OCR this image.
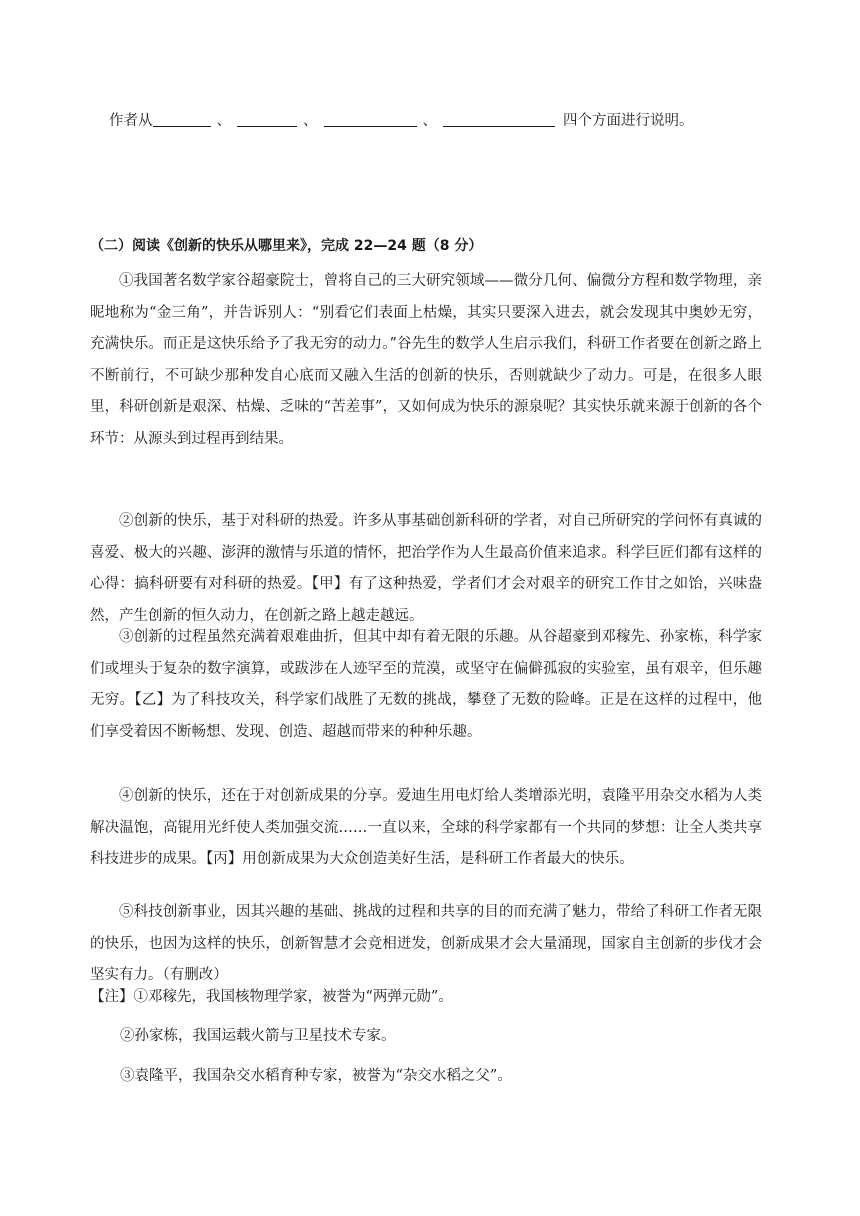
作者从	、	、	、	四个方面进行说明。
（二）阅读《创新的快乐从哪里来》，完成 22—24 题（8 分）

①我国著名数学家谷超豪院士，曾将自己的三大研究领域——微分几何、偏微分方程和数学物理，亲昵地称为“金三角”，并告诉别人：“别看它们表面上枯燥，其实只要深入进去，就会发现其中奥妙无穷，充满快乐。而正是这快乐给予了我无穷的动力。”谷先生的数学人生启示我们，科研工作者要在创新之路上不断前行，不可缺少那种发自心底而又融入生活的创新的快乐，否则就缺少了动力。可是，在很多人眼里，科研创新是艰深、枯燥、乏味的“苦差事”，又如何成为快乐的源泉呢？其实快乐就来源于创新的各个环节：从源头到过程再到结果。

②创新的快乐，基于对科研的热爱。许多从事基础创新科研的学者，对自己所研究的学问怀有真诚的喜爱、极大的兴趣、澎湃的激情与乐道的情怀，把治学作为人生最高价值来追求。科学巨匠们都有这样的心得：搞科研要有对科研的热爱。【甲】有了这种热爱，学者们才会对艰辛的研究工作甘之如饴，兴味盎然，产生创新的恒久动力，在创新之路上越走越远。

③创新的过程虽然充满着艰难曲折，但其中却有着无限的乐趣。从谷超豪到邓稼先、孙家栋，科学家们或埋头于复杂的数字演算，或跋涉在人迹罕至的荒漠，或坚守在偏僻孤寂的实验室，虽有艰辛，但乐趣无穷。【乙】为了科技攻关，科学家们战胜了无数的挑战，攀登了无数的险峰。正是在这样的过程中，他们享受着因不断畅想、发现、创造、超越而带来的种种乐趣。

④创新的快乐，还在于对创新成果的分享。爱迪生用电灯给人类增添光明，袁隆平用杂交水稻为人类解决温饱，高锟用光纤使人类加强交流……一直以来，全球的科学家都有一个共同的梦想：让全人类共享科技进步的成果。【丙】用创新成果为大众创造美好生活，是科研工作者最大的快乐。

⑤科技创新事业，因其兴趣的基础、挑战的过程和共享的目的而充满了魅力，带给了科研工作者无限的快乐，也因为这样的快乐，创新智慧才会竞相迸发，创新成果才会大量涌现，国家自主创新的步伐才会坚实有力。（有删改）

【注】①邓稼先，我国核物理学家，被誉为“两弹元勋”。
②孙家栋，我国运载火箭与卫星技术专家。
③袁隆平，我国杂交水稻育种专家，被誉为“杂交水稻之父”。
